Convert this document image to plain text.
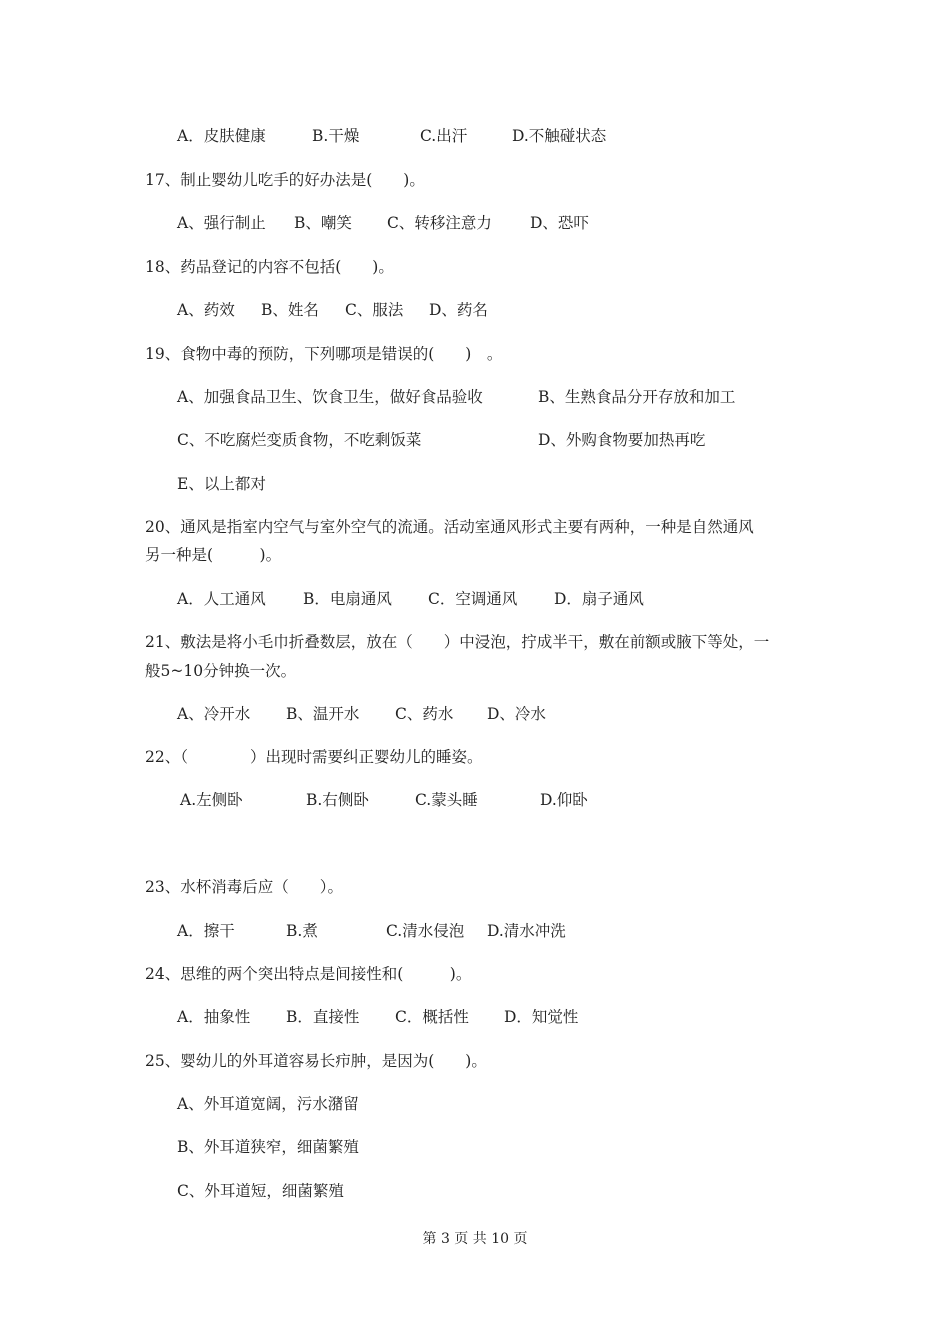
A．皮肤健康	B.干燥	C.出汗	D.不触碰状态
17、制止婴幼儿吃手的好办法是(　　)。
A、强行制止 B、嘲笑 C、转移注意力 D、恐吓
18、药品登记的内容不包括(　　)。
A、药效 B、姓名 C、服法 D、药名
19、食物中毒的预防，下列哪项是错误的(　　)　。
A、加强食品卫生、饮食卫生，做好食品验收	B、生熟食品分开存放和加工
C、不吃腐烂变质食物，不吃剩饭菜	D、外购食物要加热再吃
E、以上都对
20、通风是指室内空气与室外空气的流通。活动室通风形式主要有两种，一种是自然通风
另一种是(　　　)。
A．人工通风 B．电扇通风 C．空调通风 D．扇子通风
21、敷法是将小毛巾折叠数层，放在（　　）中浸泡，拧成半干，敷在前额或腋下等处，一
般5~10分钟换一次。
A、冷开水 B、温开水 C、药水 D、冷水
22、（　　　　）出现时需要纠正婴幼儿的睡姿。
A.左侧卧	B.右侧卧	C.蒙头睡	D.仰卧
23、水杯消毒后应（　　）。
A．擦干	B.煮	C.清水侵泡 D.清水冲洗
24、思维的两个突出特点是间接性和(　　　)。
A．抽象性 B．直接性 C．概括性 D．知觉性
25、婴幼儿的外耳道容易长疖肿，是因为(　　)。
A、外耳道宽阔，污水潴留
B、外耳道狭窄，细菌繁殖
C、外耳道短，细菌繁殖
第 3 页 共 10 页
